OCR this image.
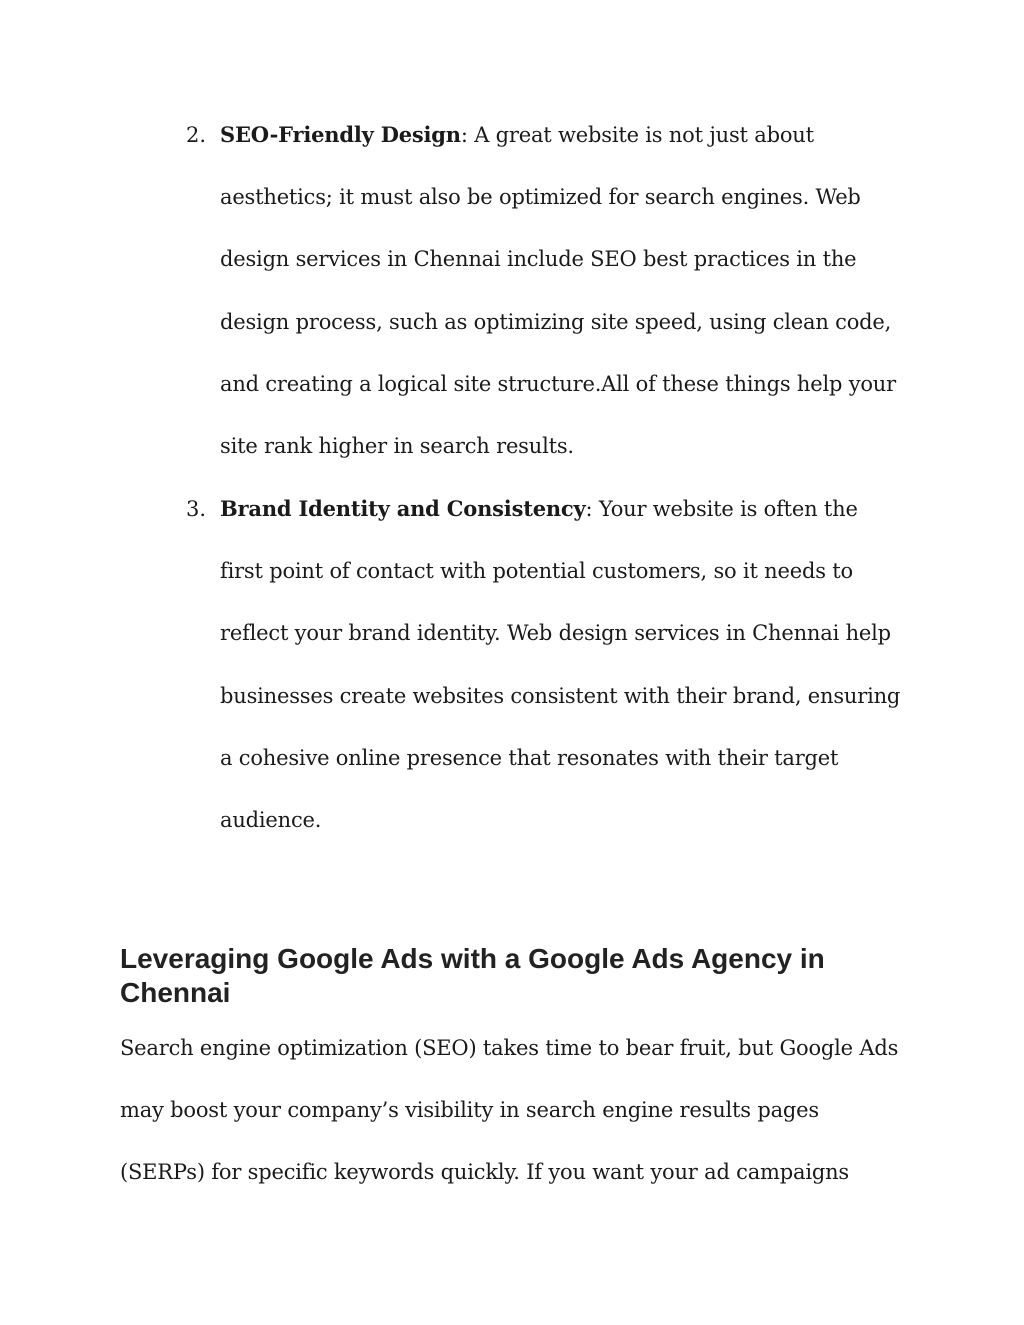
2. SEO-Friendly Design: A great website is not just about aesthetics; it must also be optimized for search engines. Web design services in Chennai include SEO best practices in the design process, such as optimizing site speed, using clean code, and creating a logical site structure.All of these things help your site rank higher in search results.
3. Brand Identity and Consistency: Your website is often the first point of contact with potential customers, so it needs to reflect your brand identity. Web design services in Chennai help businesses create websites consistent with their brand, ensuring a cohesive online presence that resonates with their target audience.
Leveraging Google Ads with a Google Ads Agency in Chennai

Search engine optimization (SEO) takes time to bear fruit, but Google Ads may boost your company’s visibility in search engine results pages (SERPs) for specific keywords quickly. If you want your ad campaigns
